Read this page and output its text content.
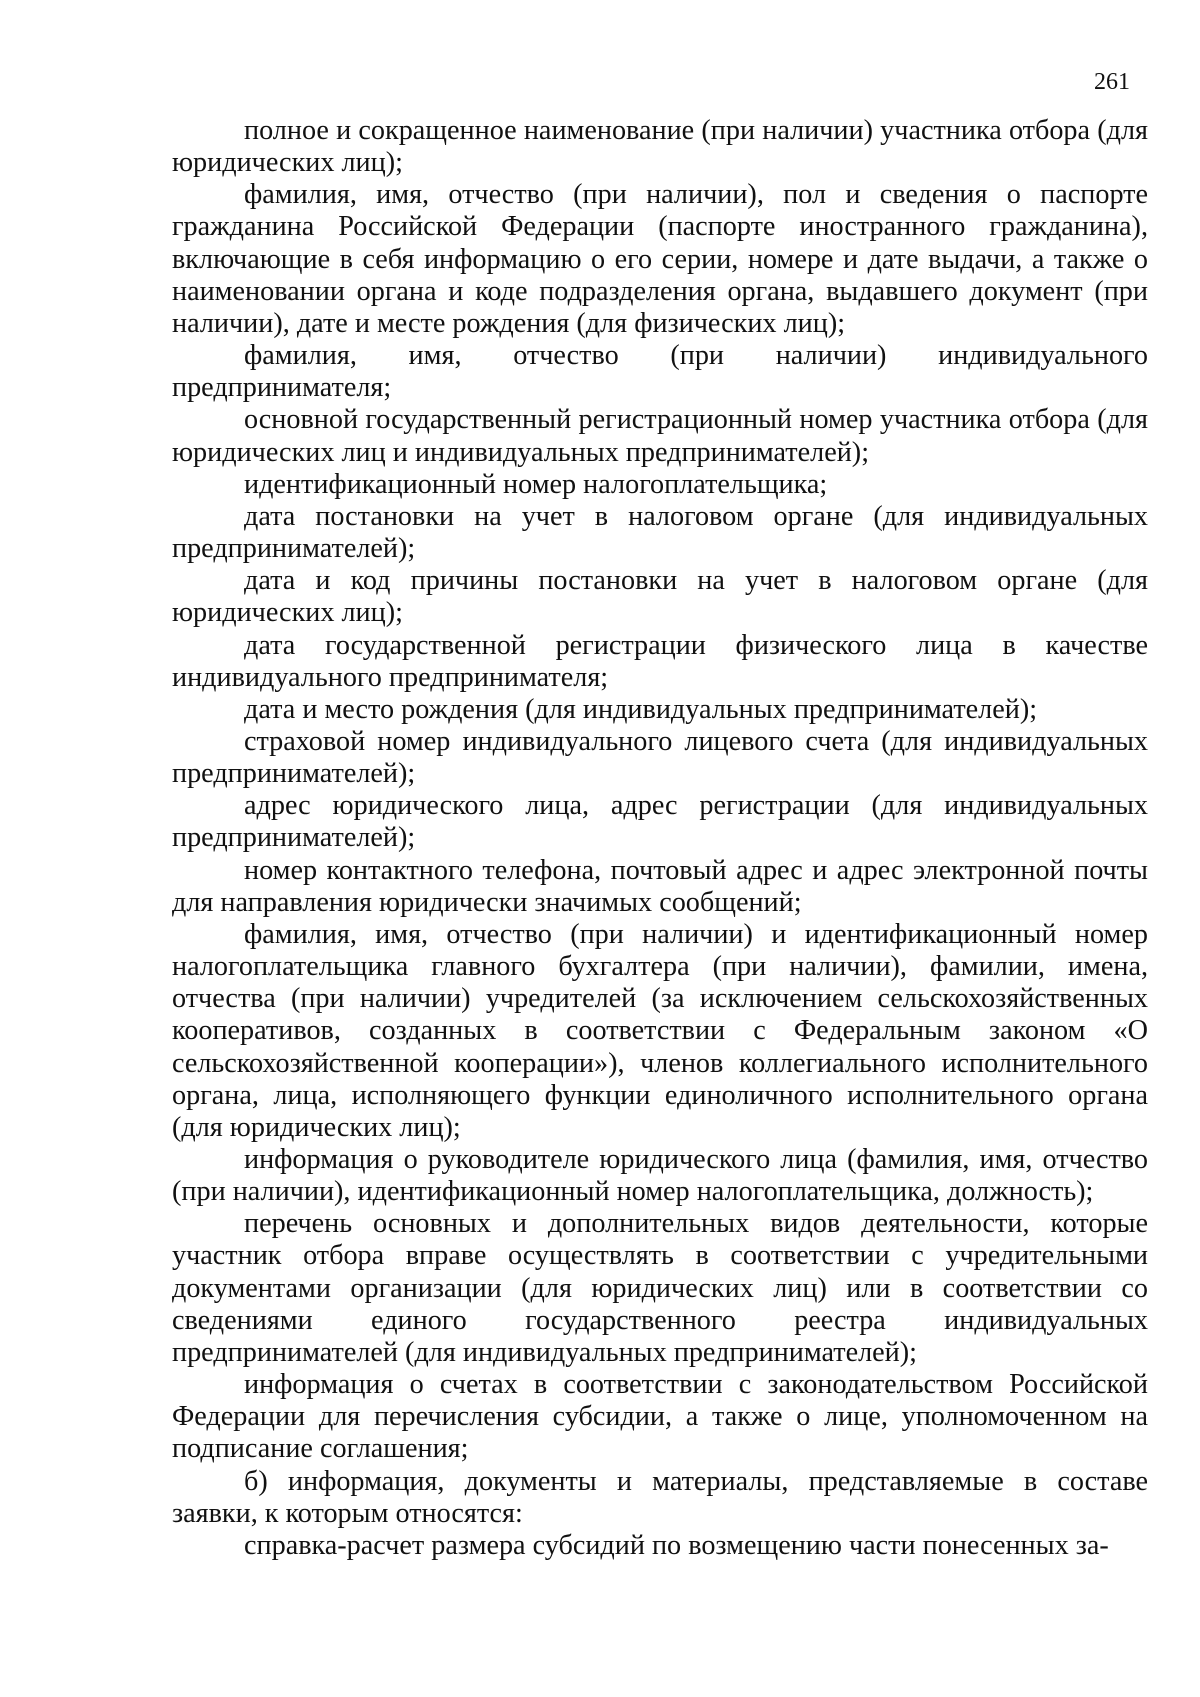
261

полное и сокращенное наименование (при наличии) участника отбора (для юридических лиц);

фамилия, имя, отчество (при наличии), пол и сведения о паспорте гражданина Российской Федерации (паспорте иностранного гражданина), включающие в себя информацию о его серии, номере и дате выдачи, а также о наименовании органа и коде подразделения органа, выдавшего документ (при наличии), дате и месте рождения (для физических лиц);

фамилия, имя, отчество (при наличии) индивидуального предпринимателя;

основной государственный регистрационный номер участника отбора (для юридических лиц и индивидуальных предпринимателей);

идентификационный номер налогоплательщика;

дата постановки на учет в налоговом органе (для индивидуальных предпринимателей);

дата и код причины постановки на учет в налоговом органе (для юридических лиц);

дата государственной регистрации физического лица в качестве индивидуального предпринимателя;

дата и место рождения (для индивидуальных предпринимателей);

страховой номер индивидуального лицевого счета (для индивидуальных предпринимателей);

адрес юридического лица, адрес регистрации (для индивидуальных предпринимателей);

номер контактного телефона, почтовый адрес и адрес электронной почты для направления юридически значимых сообщений;

фамилия, имя, отчество (при наличии) и идентификационный номер налогоплательщика главного бухгалтера (при наличии), фамилии, имена, отчества (при наличии) учредителей (за исключением сельскохозяйственных кооперативов, созданных в соответствии с Федеральным законом «О сельскохозяйственной кооперации»), членов коллегиального исполнительного органа, лица, исполняющего функции единоличного исполнительного органа (для юридических лиц);

информация о руководителе юридического лица (фамилия, имя, отчество (при наличии), идентификационный номер налогоплательщика, должность);

перечень основных и дополнительных видов деятельности, которые участник отбора вправе осуществлять в соответствии с учредительными документами организации (для юридических лиц) или в соответствии со сведениями единого государственного реестра индивидуальных предпринимателей (для индивидуальных предпринимателей);

информация о счетах в соответствии с законодательством Российской Федерации для перечисления субсидии, а также о лице, уполномоченном на подписание соглашения;

б) информация, документы и материалы, представляемые в составе заявки, к которым относятся:

справка-расчет размера субсидий по возмещению части понесенных за-
